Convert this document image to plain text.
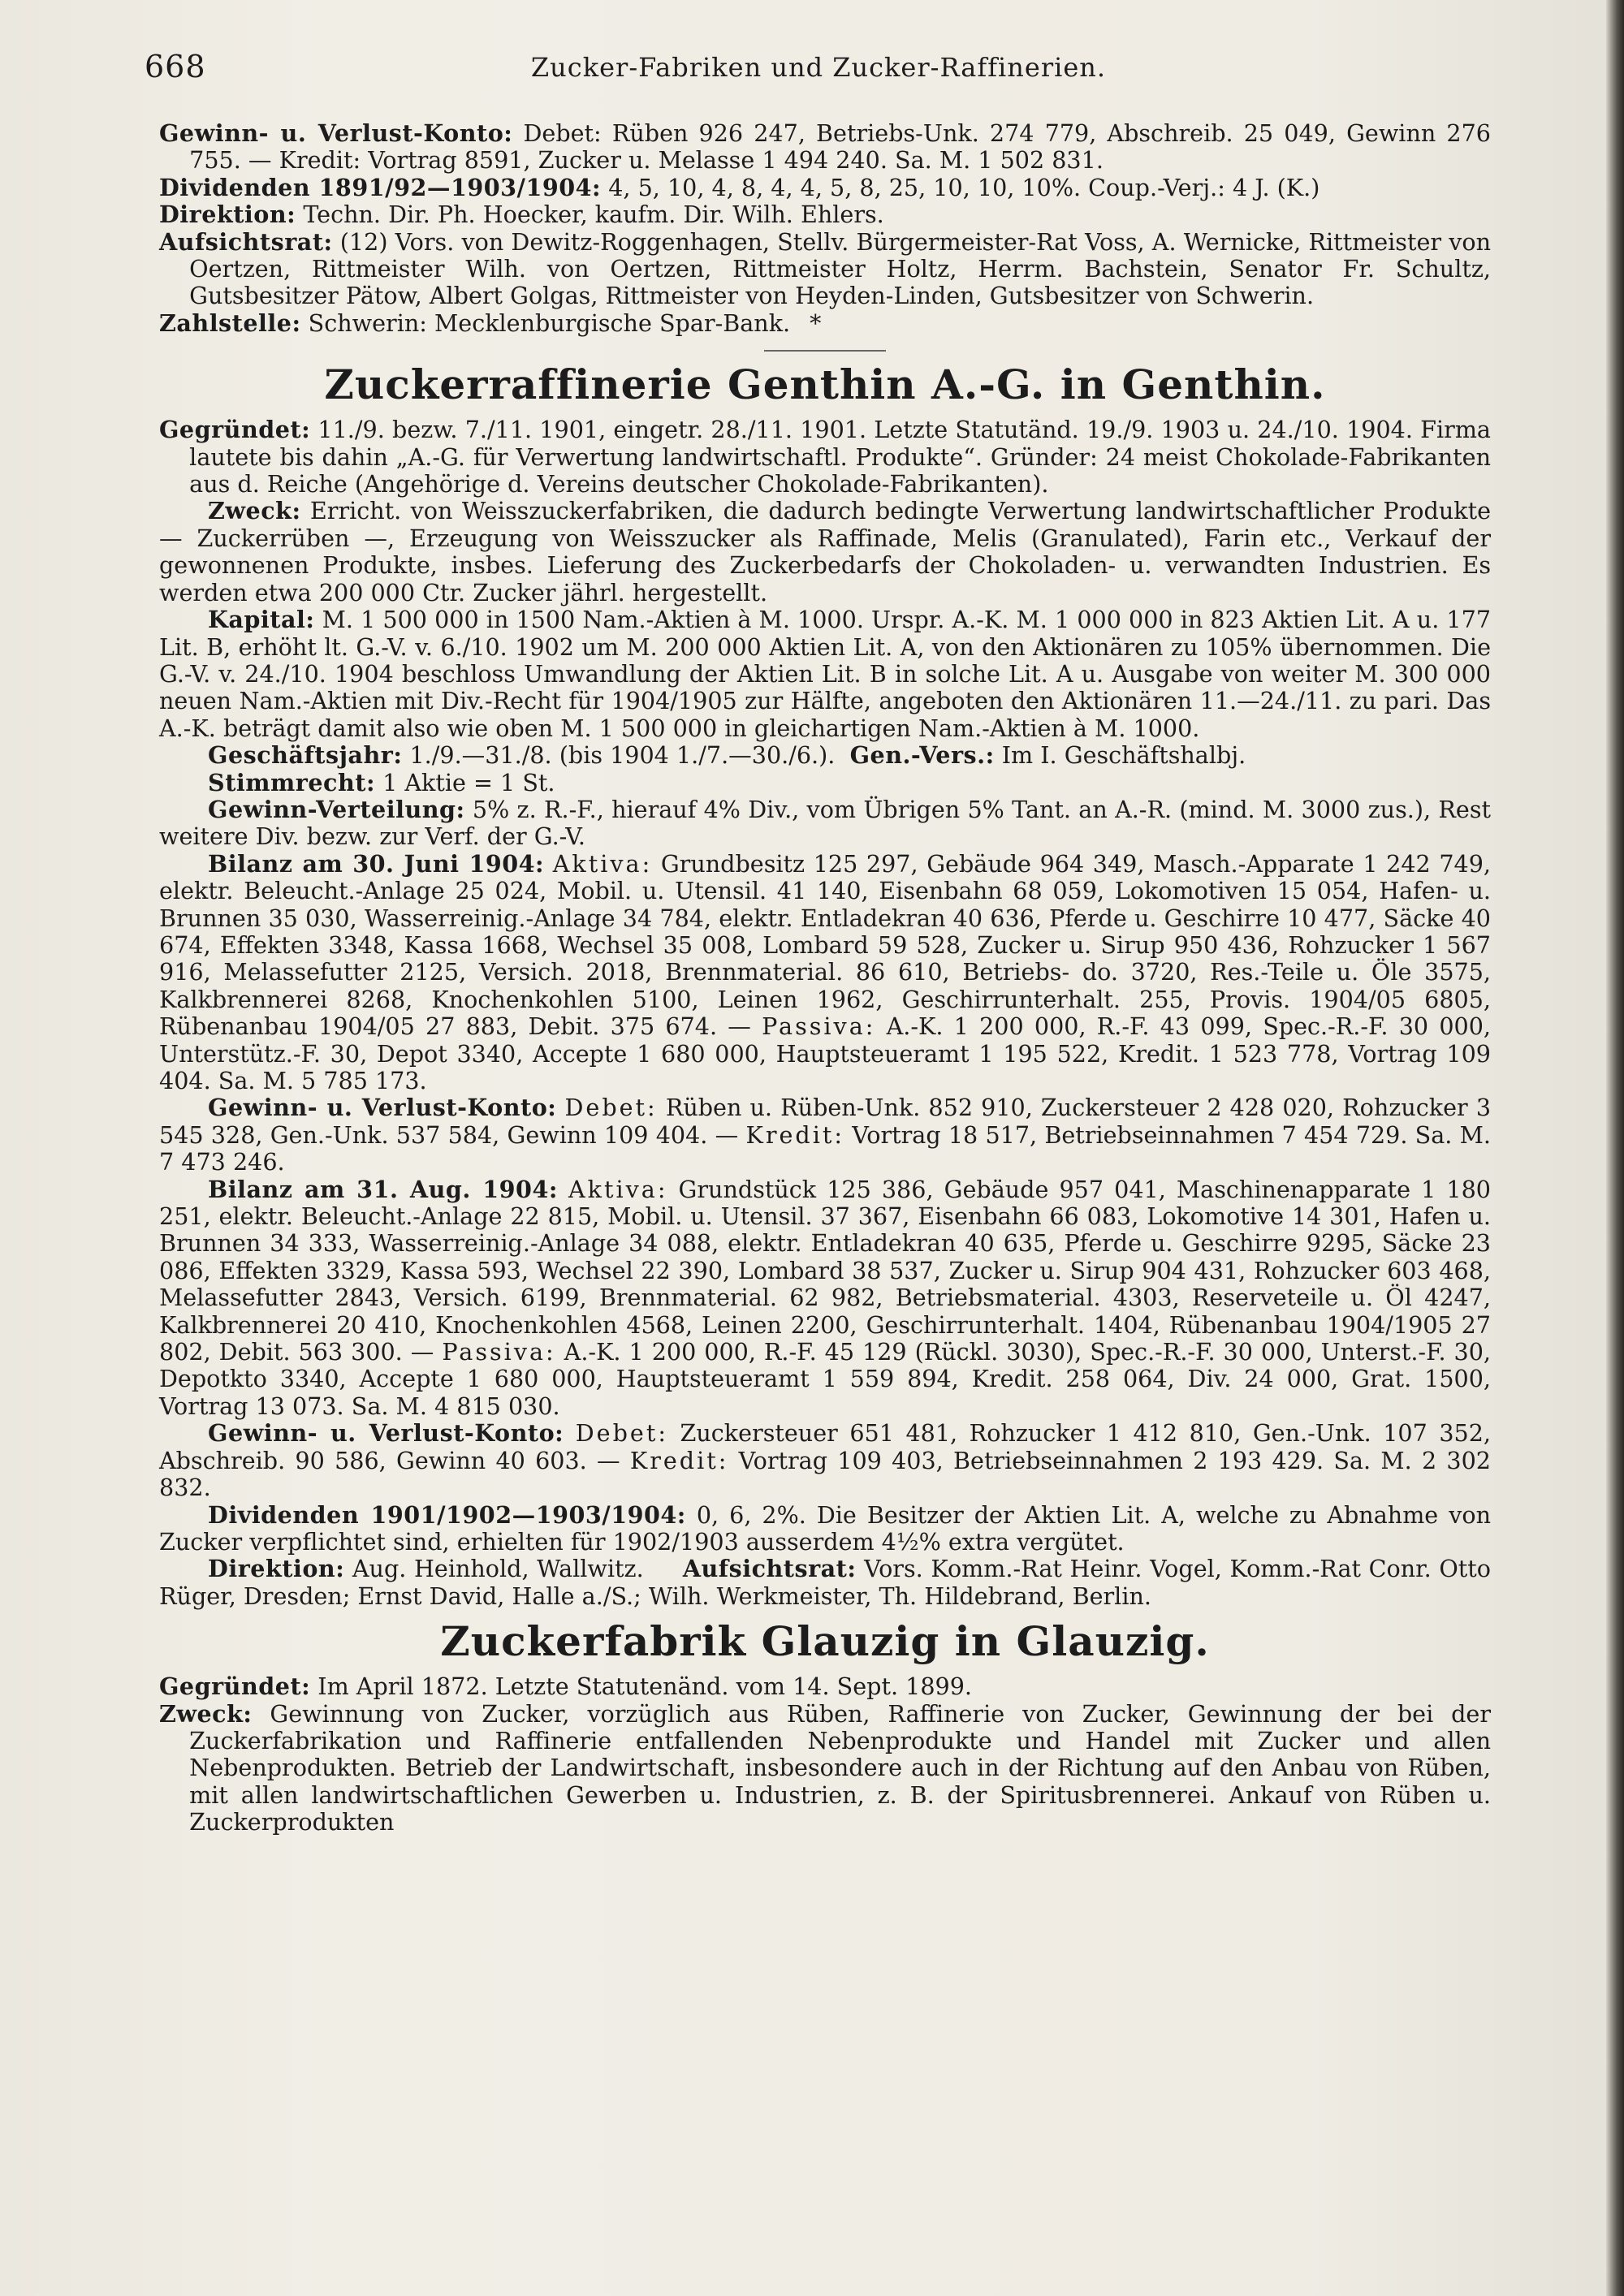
668	Zucker-Fabriken und Zucker-Raffinerien.

Gewinn- u. Verlust-Konto: Debet: Rüben 926 247, Betriebs-Unk. 274 779, Abschreib. 25 049, Gewinn 276 755. — Kredit: Vortrag 8591, Zucker u. Melasse 1 494 240. Sa. M. 1 502 831.

Dividenden 1891/92—1903/1904: 4, 5, 10, 4, 8, 4, 4, 5, 8, 25, 10, 10, 10%. Coup.-Verj.: 4 J. (K.)

Direktion: Techn. Dir. Ph. Hoecker, kaufm. Dir. Wilh. Ehlers.

Aufsichtsrat: (12) Vors. von Dewitz-Roggenhagen, Stellv. Bürgermeister-Rat Voss, A. Wernicke, Rittmeister von Oertzen, Rittmeister Wilh. von Oertzen, Rittmeister Holtz, Herrm. Bachstein, Senator Fr. Schultz, Gutsbesitzer Pätow, Albert Golgas, Rittmeister von Heyden-Linden, Gutsbesitzer von Schwerin.

Zahlstelle: Schwerin: Mecklenburgische Spar-Bank. *

Zuckerraffinerie Genthin A.-G. in Genthin.

Gegründet: 11./9. bezw. 7./11. 1901, eingetr. 28./11. 1901. Letzte Statutänd. 19./9. 1903 u. 24./10. 1904. Firma lautete bis dahin „A.-G. für Verwertung landwirtschaftl. Produkte“. Gründer: 24 meist Chokolade-Fabrikanten aus d. Reiche (Angehörige d. Vereins deutscher Chokolade-Fabrikanten).

Zweck: Erricht. von Weisszuckerfabriken, die dadurch bedingte Verwertung landwirtschaftlicher Produkte — Zuckerrüben —, Erzeugung von Weisszucker als Raffinade, Melis (Granulated), Farin etc., Verkauf der gewonnenen Produkte, insbes. Lieferung des Zuckerbedarfs der Chokoladen- u. verwandten Industrien. Es werden etwa 200 000 Ctr. Zucker jährl. hergestellt.

Kapital: M. 1 500 000 in 1500 Nam.-Aktien à M. 1000. Urspr. A.-K. M. 1 000 000 in 823 Aktien Lit. A u. 177 Lit. B, erhöht lt. G.-V. v. 6./10. 1902 um M. 200 000 Aktien Lit. A, von den Aktionären zu 105% übernommen. Die G.-V. v. 24./10. 1904 beschloss Umwandlung der Aktien Lit. B in solche Lit. A u. Ausgabe von weiter M. 300 000 neuen Nam.-Aktien mit Div.-Recht für 1904/1905 zur Hälfte, angeboten den Aktionären 11.—24./11. zu pari. Das A.-K. beträgt damit also wie oben M. 1 500 000 in gleichartigen Nam.-Aktien à M. 1000.

Geschäftsjahr: 1./9.—31./8. (bis 1904 1./7.—30./6.). Gen.-Vers.: Im I. Geschäftshalbj.

Stimmrecht: 1 Aktie = 1 St.

Gewinn-Verteilung: 5% z. R.-F., hierauf 4% Div., vom Übrigen 5% Tant. an A.-R. (mind. M. 3000 zus.), Rest weitere Div. bezw. zur Verf. der G.-V.

Bilanz am 30. Juni 1904: Aktiva: Grundbesitz 125 297, Gebäude 964 349, Masch.-Apparate 1 242 749, elektr. Beleucht.-Anlage 25 024, Mobil. u. Utensil. 41 140, Eisenbahn 68 059, Lokomotiven 15 054, Hafen- u. Brunnen 35 030, Wasserreinig.-Anlage 34 784, elektr. Entladekran 40 636, Pferde u. Geschirre 10 477, Säcke 40 674, Effekten 3348, Kassa 1668, Wechsel 35 008, Lombard 59 528, Zucker u. Sirup 950 436, Rohzucker 1 567 916, Melassefutter 2125, Versich. 2018, Brennmaterial. 86 610, Betriebs- do. 3720, Res.-Teile u. Öle 3575, Kalkbrennerei 8268, Knochenkohlen 5100, Leinen 1962, Geschirrunterhalt. 255, Provis. 1904/05 6805, Rübenanbau 1904/05 27 883, Debit. 375 674. — Passiva: A.-K. 1 200 000, R.-F. 43 099, Spec.-R.-F. 30 000, Unterstütz.-F. 30, Depot 3340, Accepte 1 680 000, Hauptsteueramt 1 195 522, Kredit. 1 523 778, Vortrag 109 404. Sa. M. 5 785 173.

Gewinn- u. Verlust-Konto: Debet: Rüben u. Rüben-Unk. 852 910, Zuckersteuer 2 428 020, Rohzucker 3 545 328, Gen.-Unk. 537 584, Gewinn 109 404. — Kredit: Vortrag 18 517, Betriebseinnahmen 7 454 729. Sa. M. 7 473 246.

Bilanz am 31. Aug. 1904: Aktiva: Grundstück 125 386, Gebäude 957 041, Maschinenapparate 1 180 251, elektr. Beleucht.-Anlage 22 815, Mobil. u. Utensil. 37 367, Eisenbahn 66 083, Lokomotive 14 301, Hafen u. Brunnen 34 333, Wasserreinig.-Anlage 34 088, elektr. Entladekran 40 635, Pferde u. Geschirre 9295, Säcke 23 086, Effekten 3329, Kassa 593, Wechsel 22 390, Lombard 38 537, Zucker u. Sirup 904 431, Rohzucker 603 468, Melassefutter 2843, Versich. 6199, Brennmaterial. 62 982, Betriebsmaterial. 4303, Reserveteile u. Öl 4247, Kalkbrennerei 20 410, Knochenkohlen 4568, Leinen 2200, Geschirrunterhalt. 1404, Rübenanbau 1904/1905 27 802, Debit. 563 300. — Passiva: A.-K. 1 200 000, R.-F. 45 129 (Rückl. 3030), Spec.-R.-F. 30 000, Unterst.-F. 30, Depotkto 3340, Accepte 1 680 000, Hauptsteueramt 1 559 894, Kredit. 258 064, Div. 24 000, Grat. 1500, Vortrag 13 073. Sa. M. 4 815 030.

Gewinn- u. Verlust-Konto: Debet: Zuckersteuer 651 481, Rohzucker 1 412 810, Gen.-Unk. 107 352, Abschreib. 90 586, Gewinn 40 603. — Kredit: Vortrag 109 403, Betriebseinnahmen 2 193 429. Sa. M. 2 302 832.

Dividenden 1901/1902—1903/1904: 0, 6, 2%. Die Besitzer der Aktien Lit. A, welche zu Abnahme von Zucker verpflichtet sind, erhielten für 1902/1903 ausserdem 4½% extra vergütet.

Direktion: Aug. Heinhold, Wallwitz. Aufsichtsrat: Vors. Komm.-Rat Heinr. Vogel, Komm.-Rat Conr. Otto Rüger, Dresden; Ernst David, Halle a./S.; Wilh. Werkmeister, Th. Hildebrand, Berlin.

Zuckerfabrik Glauzig in Glauzig.

Gegründet: Im April 1872. Letzte Statutenänd. vom 14. Sept. 1899.

Zweck: Gewinnung von Zucker, vorzüglich aus Rüben, Raffinerie von Zucker, Gewinnung der bei der Zuckerfabrikation und Raffinerie entfallenden Nebenprodukte und Handel mit Zucker und allen Nebenprodukten. Betrieb der Landwirtschaft, insbesondere auch in der Richtung auf den Anbau von Rüben, mit allen landwirtschaftlichen Gewerben u. Industrien, z. B. der Spiritusbrennerei. Ankauf von Rüben u. Zuckerprodukten
